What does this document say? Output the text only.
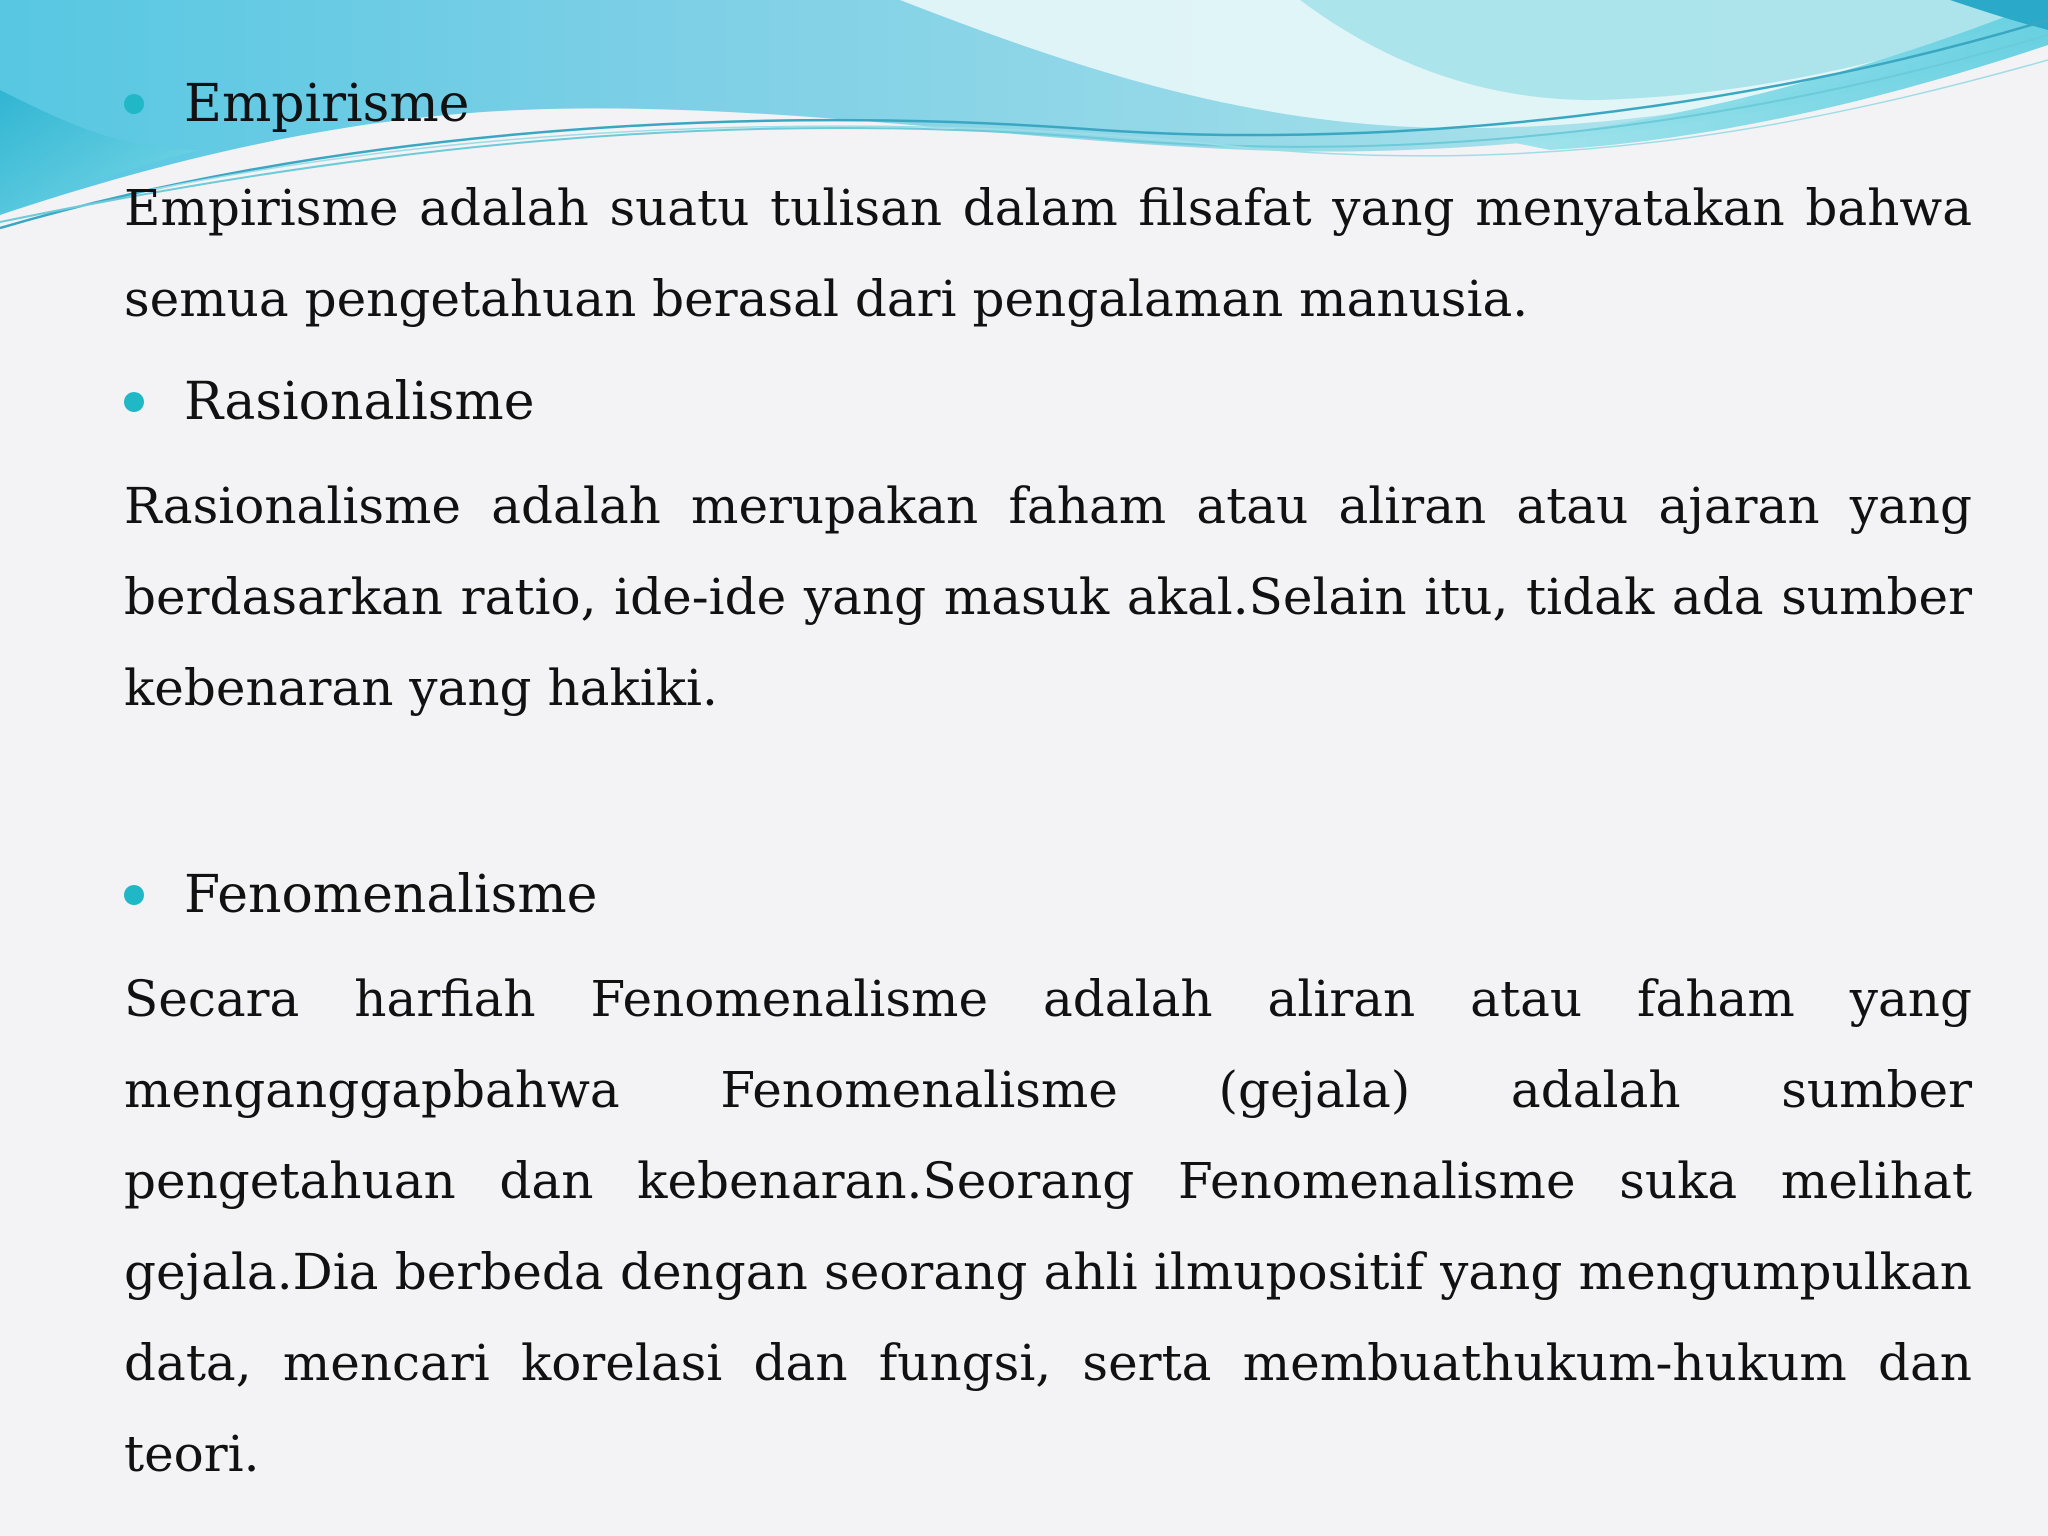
Empirisme
Empirisme adalah suatu tulisan dalam filsafat yang menyatakan bahwa semua pengetahuan berasal dari pengalaman manusia.
Rasionalisme
Rasionalisme adalah merupakan faham atau aliran atau ajaran yang berdasarkan ratio, ide-ide yang masuk akal.Selain itu, tidak ada sumber kebenaran yang hakiki.
Fenomenalisme
Secara harfiah Fenomenalisme adalah aliran atau faham yang menganggapbahwa Fenomenalisme (gejala) adalah sumber pengetahuan dan kebenaran.Seorang Fenomenalisme suka melihat gejala.Dia berbeda dengan seorang ahli ilmupositif yang mengumpulkan data, mencari korelasi dan fungsi, serta membuathukum-hukum dan teori.
